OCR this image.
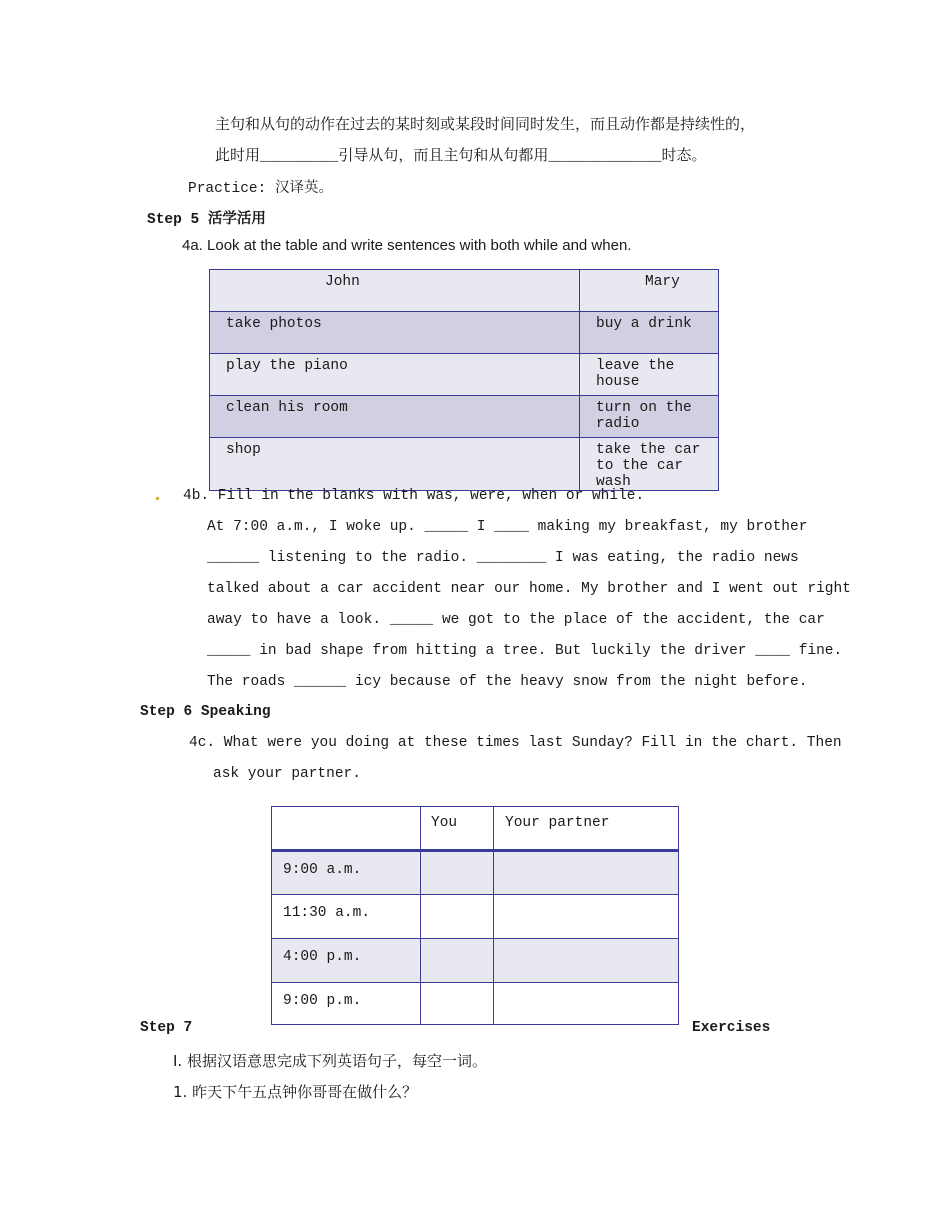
主句和从句的动作在过去的某时刻或某段时间同时发生，而且动作都是持续性的，
此时用_________引导从句，而且主句和从句都用_____________时态。
Practice: 汉译英。
Step 5 活学活用
4a. Look at the table and write sentences with both while and when.
John	Mary
take photos	buy a drink
play the piano	leave the house
clean his room	turn on the radio
shop	take the car to the car wash
4b. Fill in the blanks with was, were, when or while.
At 7:00 a.m., I woke up. _____ I ____ making my breakfast, my brother
______ listening to the radio. ________ I was eating, the radio news
talked about a car accident near our home. My brother and I went out right
away to have a look. _____ we got to the place of the accident, the car
_____ in bad shape from hitting a tree. But luckily the driver ____ fine.
The roads ______ icy because of the heavy snow from the night before.
Step 6 Speaking
4c. What were you doing at these times last Sunday? Fill in the chart. Then
ask your partner.
	You	Your partner
9:00 a.m.		
11:30 a.m.		
4:00 p.m.		
9:00 p.m.		
Step 7	Exercises
I. 根据汉语意思完成下列英语句子，每空一词。
1. 昨天下午五点钟你哥哥在做什么？
